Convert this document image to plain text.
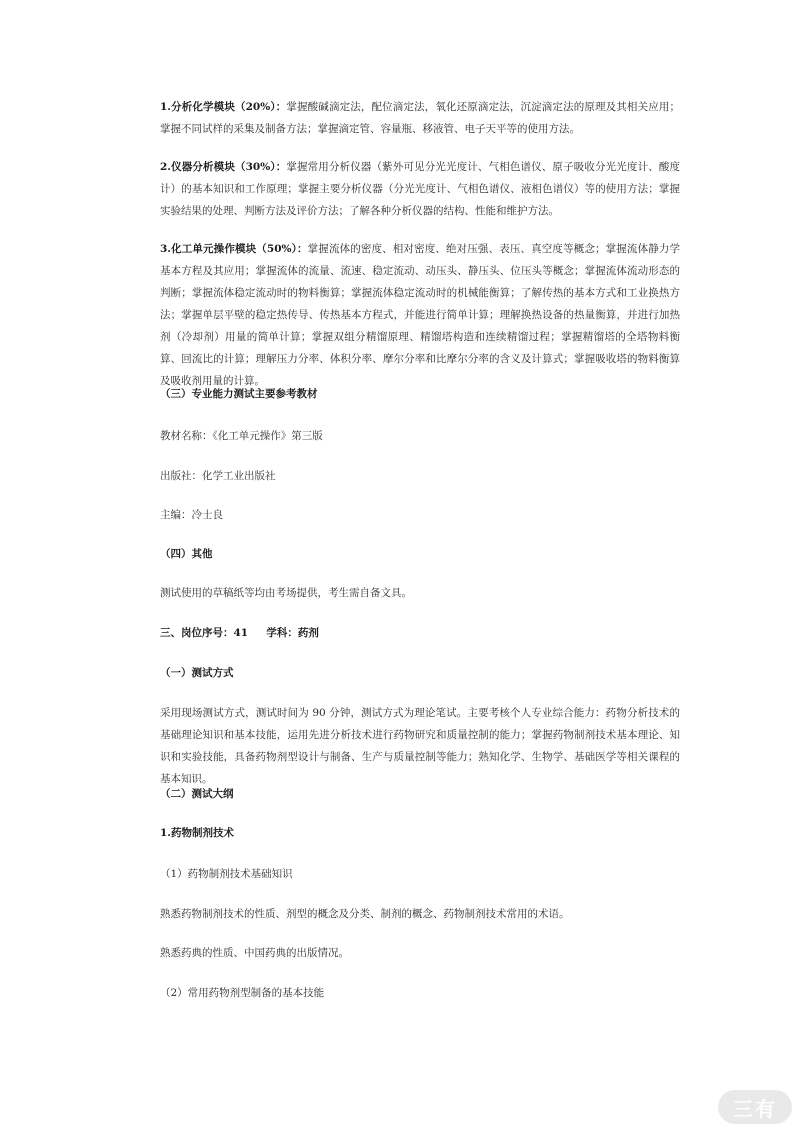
1.分析化学模块（20%）：掌握酸碱滴定法，配位滴定法，氧化还原滴定法，沉淀滴定法的原理及其相关应用；掌握不同试样的采集及制备方法；掌握滴定管、容量瓶、移液管、电子天平等的使用方法。

2.仪器分析模块（30%）：掌握常用分析仪器（紫外可见分光光度计、气相色谱仪、原子吸收分光光度计、酸度计）的基本知识和工作原理；掌握主要分析仪器（分光光度计、气相色谱仪、液相色谱仪）等的使用方法；掌握实验结果的处理、判断方法及评价方法；了解各种分析仪器的结构、性能和维护方法。

3.化工单元操作模块（50%）：掌握流体的密度、相对密度、绝对压强、表压、真空度等概念；掌握流体静力学基本方程及其应用；掌握流体的流量、流速、稳定流动、动压头、静压头、位压头等概念；掌握流体流动形态的判断；掌握流体稳定流动时的物料衡算；掌握流体稳定流动时的机械能衡算；了解传热的基本方式和工业换热方法；掌握单层平壁的稳定热传导、传热基本方程式，并能进行简单计算；理解换热设备的热量衡算，并进行加热剂（冷却剂）用量的简单计算；掌握双组分精馏原理、精馏塔构造和连续精馏过程；掌握精馏塔的全塔物料衡算、回流比的计算；理解压力分率、体积分率、摩尔分率和比摩尔分率的含义及计算式；掌握吸收塔的物料衡算及吸收剂用量的计算。

（三）专业能力测试主要参考教材

教材名称：《化工单元操作》第三版

出版社：化学工业出版社

主编：冷士良

（四）其他

测试使用的草稿纸等均由考场提供，考生需自备文具。

三、岗位序号：41     学科：药剂

（一）测试方式

采用现场测试方式，测试时间为 90 分钟，测试方式为理论笔试。主要考核个人专业综合能力：药物分析技术的基础理论知识和基本技能，运用先进分析技术进行药物研究和质量控制的能力；掌握药物制剂技术基本理论、知识和实验技能，具备药物剂型设计与制备、生产与质量控制等能力；熟知化学、生物学、基础医学等相关课程的基本知识。

（二）测试大纲

1.药物制剂技术

（1）药物制剂技术基础知识

熟悉药物制剂技术的性质、剂型的概念及分类、制剂的概念、药物制剂技术常用的术语。

熟悉药典的性质、中国药典的出版情况。

（2）常用药物剂型制备的基本技能

三有
